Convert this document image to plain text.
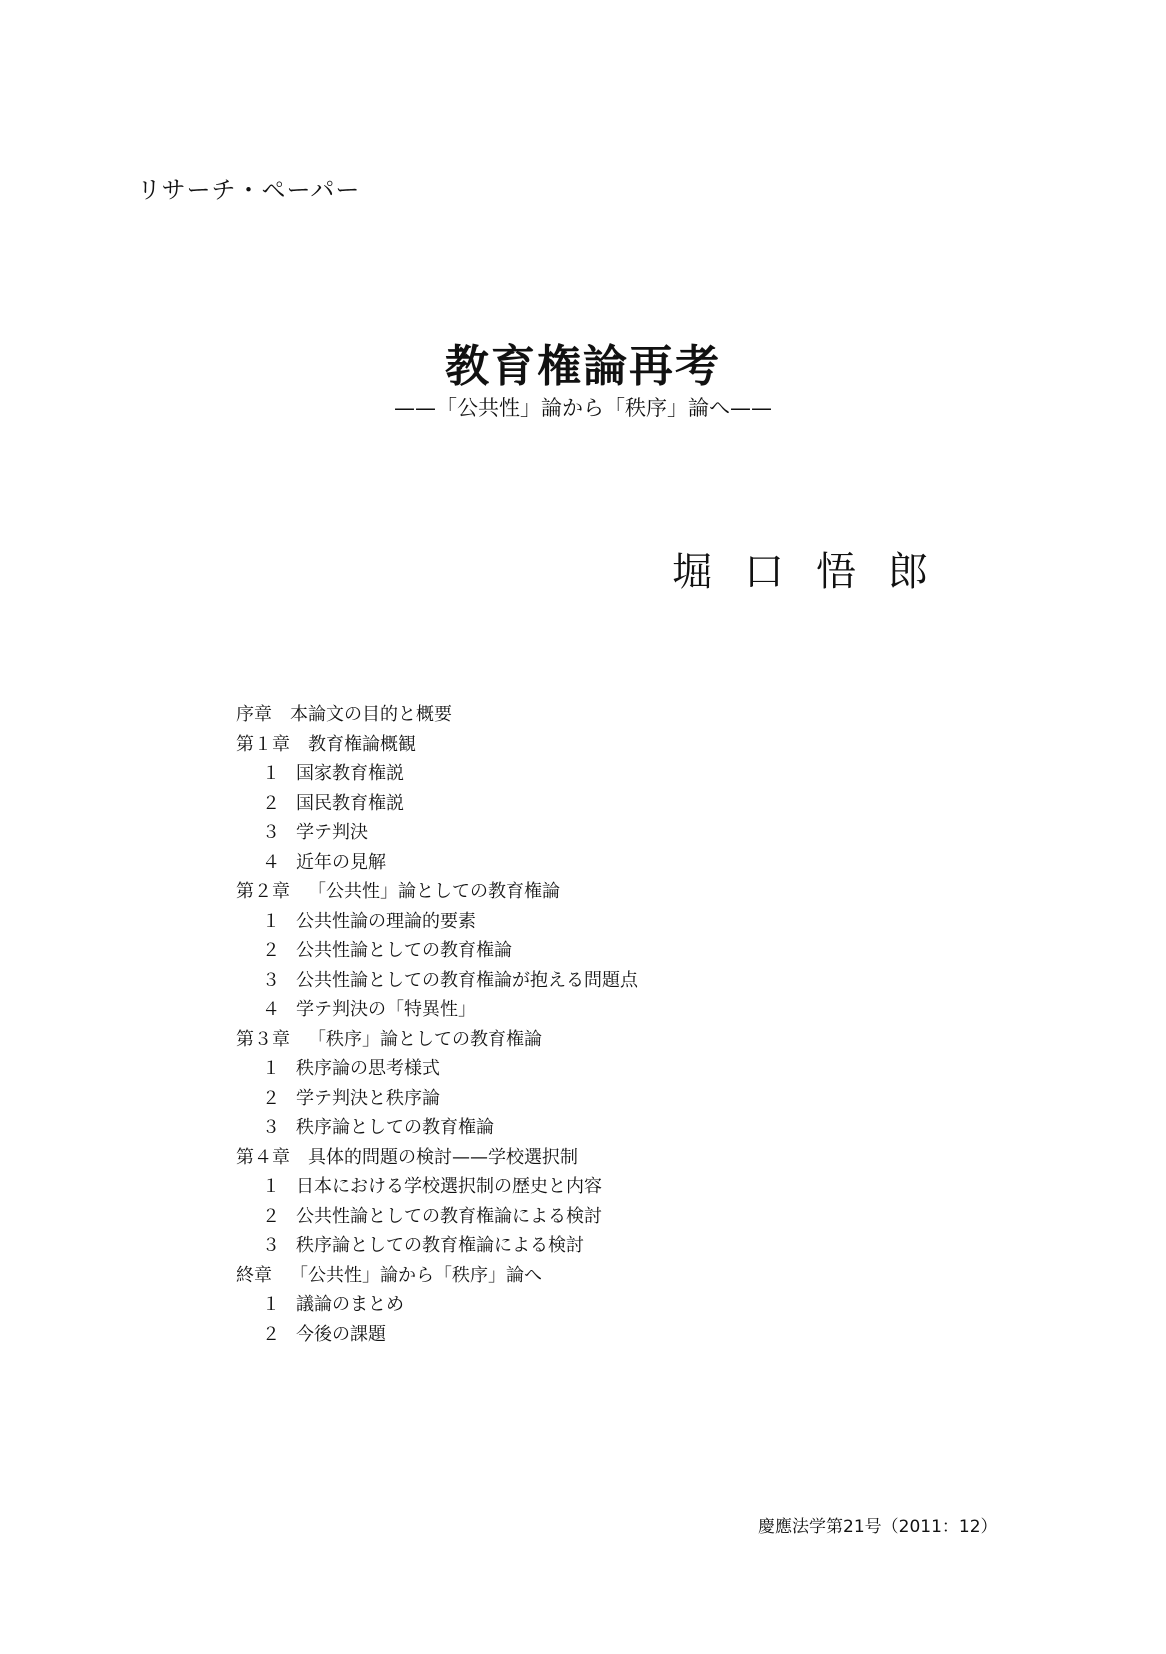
リサーチ・ペーパー
教育権論再考
——「公共性」論から「秩序」論へ——
堀口悟郎
序章 本論文の目的と概要
第１章 教育権論概観
１ 国家教育権説
２ 国民教育権説
３ 学テ判決
４ 近年の見解
第２章 「公共性」論としての教育権論
１ 公共性論の理論的要素
２ 公共性論としての教育権論
３ 公共性論としての教育権論が抱える問題点
４ 学テ判決の「特異性」
第３章 「秩序」論としての教育権論
１ 秩序論の思考様式
２ 学テ判決と秩序論
３ 秩序論としての教育権論
第４章 具体的問題の検討——学校選択制
１ 日本における学校選択制の歴史と内容
２ 公共性論としての教育権論による検討
３ 秩序論としての教育権論による検討
終章 「公共性」論から「秩序」論へ
１ 議論のまとめ
２ 今後の課題
慶應法学第21号（2011：12）
